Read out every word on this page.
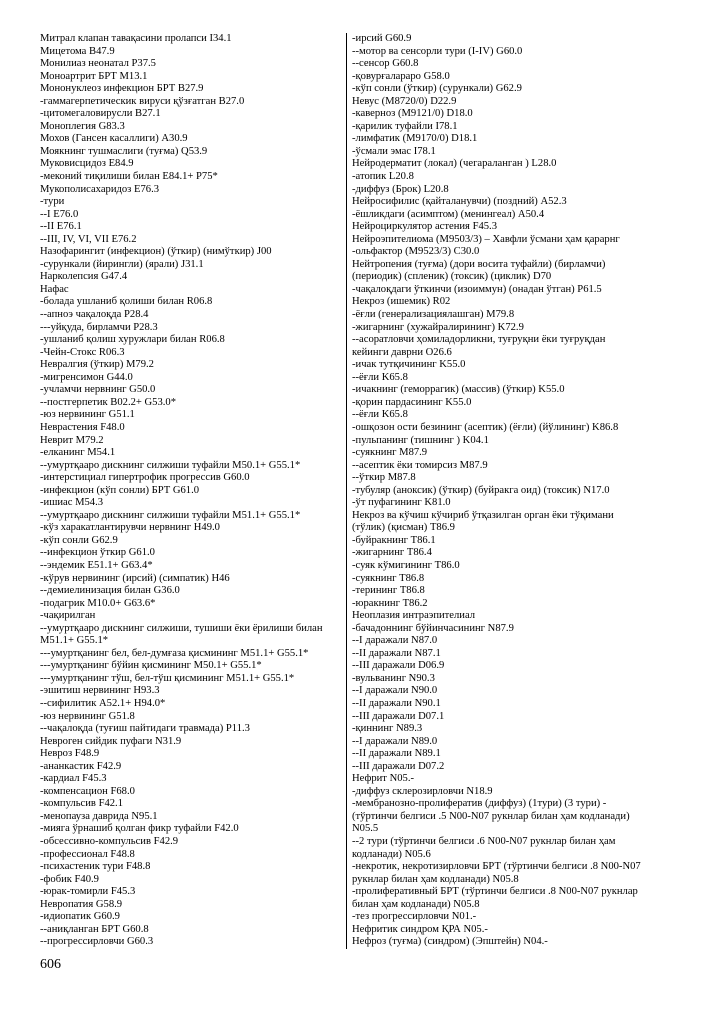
Митрал клапан тавақасини пролапси I34.1
Мицетома B47.9
Монилиаз неонатал P37.5
Моноартрит БРТ M13.1
Мононуклеоз инфекцион БРТ B27.9
-гаммагерпетическик вируси қўзғатган B27.0
-цитомегаловирусли B27.1
Моноплегия G83.3
Мохов (Гансен касаллиги) A30.9
Моякнинг тушмаслиги (туғма) Q53.9
Муковисцидоз E84.9
-меконий тиқилиши билан E84.1+ P75*
Мукополисахаридоз E76.3
-тури
--I E76.0
--II E76.1
--III, IV, VI, VII E76.2
Назофарингит (инфекцион) (ўткир) (нимўткир) J00
-сурункали (йирингли) (ярали) J31.1
Нарколепсия G47.4
Нафас
-болада ушланиб қолиши билан R06.8
--апноэ чақалоқда P28.4
---уйқуда, бирламчи P28.3
-ушланиб қолиш хуружлари билан R06.8
-Чейн-Стокс R06.3
Невралгия (ўткир) M79.2
-мигренсимон G44.0
-учламчи нервнинг G50.0
--постгерпетик B02.2+ G53.0*
-юз нервининг G51.1
Неврастения F48.0
Неврит M79.2
-елканинг M54.1
--умуртқааро дискнинг силжиши туфайли M50.1+ G55.1*
-интерстициал гипертрофик прогрессив G60.0
-инфекцион (кўп сонли) БРТ G61.0
-ишиас M54.3
--умуртқааро дискнинг силжиши туфайли M51.1+ G55.1*
-кўз харакатлантирувчи нервнинг H49.0
-кўп сонли G62.9
--инфекцион ўткир G61.0
--эндемик E51.1+ G63.4*
-кўрув нервининг (ирсий) (симпатик) H46
--демиелинизация билан G36.0
-подагрик M10.0+ G63.6*
-чақирилган
--умуртқааро дискнинг силжиши, тушиши ёки ёрилиши билан
M51.1+ G55.1*
---умуртқанинг бел, бел-думғаза қисмининг M51.1+ G55.1*
---умуртқанинг бўйин қисмининг M50.1+ G55.1*
---умуртқанинг тўш, бел-тўш қисмининг M51.1+ G55.1*
-эшитиш нервининг H93.3
--сифилитик A52.1+ H94.0*
-юз нервининг G51.8
--чақалоқда (туғиш пайтидаги травмада) P11.3
Невроген сийдик пуфаги N31.9
Невроз F48.9
-ананкастик F42.9
-кардиал F45.3
-компенсацион F68.0
-компульсив F42.1
-менопауза даврида N95.1
-мияга ўрнашиб қолган фикр туфайли F42.0
-обсессивно-компульсив F42.9
-профессионал F48.8
-психастеник тури F48.8
-фобик F40.9
-юрак-томирли F45.3
Невропатия G58.9
-идиопатик G60.9
--аниқланган БРТ G60.8
--прогрессирловчи G60.3
-ирсий G60.9
--мотор ва сенсорли тури (I-IV) G60.0
--сенсор G60.8
-қовурғалараро G58.0
-кўп сонли (ўткир) (сурункали) G62.9
Невус (M8720/0) D22.9
-каверноз (M9121/0) D18.0
-қарилик туфайли I78.1
-лимфатик (M9170/0) D18.1
-ўсмали эмас I78.1
Нейродерматит (локал) (чегараланган ) L28.0
-атопик L20.8
-диффуз (Брок) L20.8
Нейросифилис (қайталанувчи) (поздний) A52.3
-ёшликдаги (асимптом) (менингеал) A50.4
Нейроциркулятор астения F45.3
Нейроэпителиома (M9503/3) – Хавфли ўсмани ҳам қарарнг
-ольфактор (M9523/3) C30.0
Нейтропения (туғма) (дори восита туфайли) (бирламчи)
(периодик) (спленик) (токсик) (циклик) D70
-чақалоқдаги ўткинчи (изоиммун) (онадан ўтган) P61.5
Некроз (ишемик) R02
-ёғли (генерализациялашган) M79.8
-жигарнинг (хужайралирининг) K72.9
--асоратловчи ҳомиладорликни, туғруқни ёки туғруқдан
кейинги даврни O26.6
-ичак тутқичининг K55.0
--ёғли K65.8
-ичакнинг (геморрагик) (массив) (ўткир) K55.0
-қорин пардасининг K55.0
--ёғли K65.8
-ошқозон ости безининг (асептик) (ёғли) (йўлининг) K86.8
-пульпанинг (тишнинг ) K04.1
-суякнинг M87.9
--асептик ёки томирсиз M87.9
--ўткир M87.8
-тубуляр (аноксик) (ўткир) (буйракга оид) (токсик) N17.0
-ўт пуфагининг K81.0
Некроз ва кўчиш кўчириб ўтқазилган орган ёки тўқимани
(тўлик) (қисман) T86.9
-буйракнинг T86.1
-жигарнинг T86.4
-суяк кўмигининг T86.0
-суякнинг T86.8
-терининг T86.8
-юракнинг T86.2
Неоплазия интраэпителиал
-бачадоннинг бўйинчасининг N87.9
--I даражали N87.0
--II даражали N87.1
--III даражали D06.9
-вульванинг N90.3
--I даражали N90.0
--II даражали N90.1
--III даражали D07.1
-қиннинг N89.3
--I даражали N89.0
--II даражали N89.1
--III даражали D07.2
Нефрит N05.-
-диффуз склерозирловчи N18.9
-мембранозно-пролифератив (диффуз) (1тури) (3 тури) -
(тўртинчи белгиси .5 N00-N07 рукнлар билан ҳам кодланади)
N05.5
--2 тури (тўртинчи белгиси .6 N00-N07 рукнлар билан ҳам
кодланади) N05.6
-некротик, некротизирловчи БРТ (тўртинчи белгиси .8 N00-N07
рукнлар билан ҳам кодланади) N05.8
-пролиферативный БРТ (тўртинчи белгиси .8 N00-N07 рукнлар
билан ҳам кодланади) N05.8
-тез прогрессирловчи N01.-
Нефритик синдром ҚРА N05.-
Нефроз (туғма) (синдром) (Эпштейн) N04.-
606
